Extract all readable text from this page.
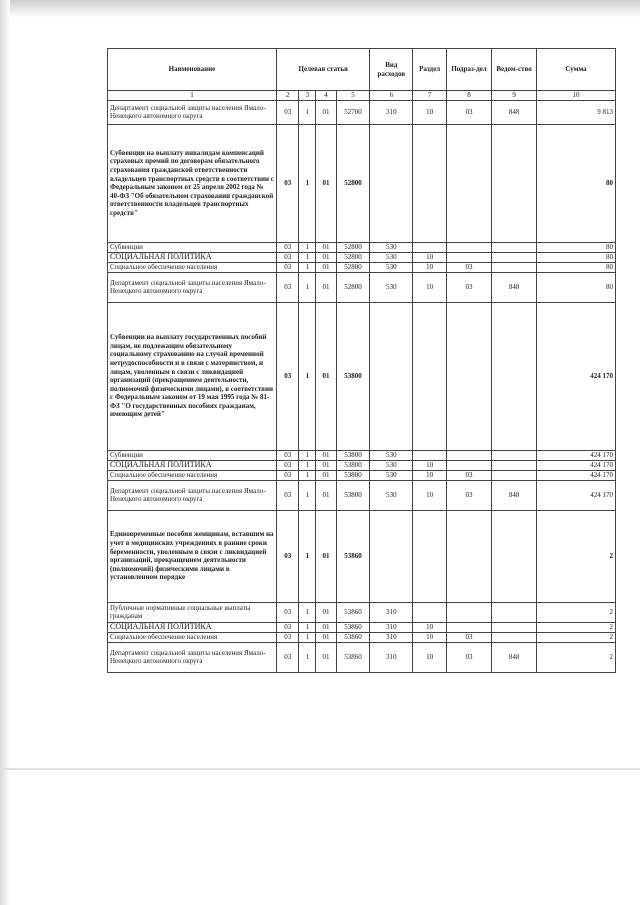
Наименование	Целевая статья				Вид расходов	Раздел	Подраз-дел	Ведом-ство	Сумма
1	2	3	4	5	6	7	8	9	10
Департамент социальной защиты населения Ямало-Ненецкого автономного округа	03	1	01	52700	310	10	03	848	9 813
Субвенции на выплату инвалидам компенсаций страховых премий по договорам обязательного страхования гражданской ответственности владельцев транспортных средств в соответствии с Федеральным законом от 25 апреля 2002 года № 40-ФЗ "Об обязательном страховании гражданской ответственности владельцев транспортных средств"	03	1	01	52800					80
Субвенции	03	1	01	52800	530				80
СОЦИАЛЬНАЯ ПОЛИТИКА	03	1	01	52800	530	10			80
Социальное обеспечение населения	03	1	01	52800	530	10	03		80
Департамент социальной защиты населения Ямало-Ненецкого автономного округа	03	1	01	52800	530	10	03	848	80
Субвенции на выплату государственных пособий лицам, не подлежащим обязательному социальному страхованию на случай временной нетрудоспособности и в связи с материнством, и лицам, уволенным в связи с ликвидацией организаций (прекращением деятельности, полномочий физическими лицами), в соответствии с Федеральным законом от 19 мая 1995 года № 81-ФЗ "О государственных пособиях гражданам, имеющим детей"	03	1	01	53800					424 170
Субвенции	03	1	01	53800	530				424 170
СОЦИАЛЬНАЯ ПОЛИТИКА	03	1	01	53800	530	10			424 170
Социальное обеспечение населения	03	1	01	53800	530	10	03		424 170
Департамент социальной защиты населения Ямало-Ненецкого автономного округа	03	1	01	53800	530	10	03	848	424 170
Единовременные пособия женщинам, вставшим на учет в медицинских учреждениях в ранние сроки беременности, уволенным в связи с ликвидацией организаций, прекращением деятельности (полномочий) физическими лицами в установленном порядке	03	1	01	53860					2
Публичные нормативные социальные выплаты гражданам	03	1	01	53860	310				2
СОЦИАЛЬНАЯ ПОЛИТИКА	03	1	01	53860	310	10			2
Социальное обеспечение населения	03	1	01	53860	310	10	03		2
Департамент социальной защиты населения Ямало-Ненецкого автономного округа	03	1	01	53860	310	10	03	848	2
